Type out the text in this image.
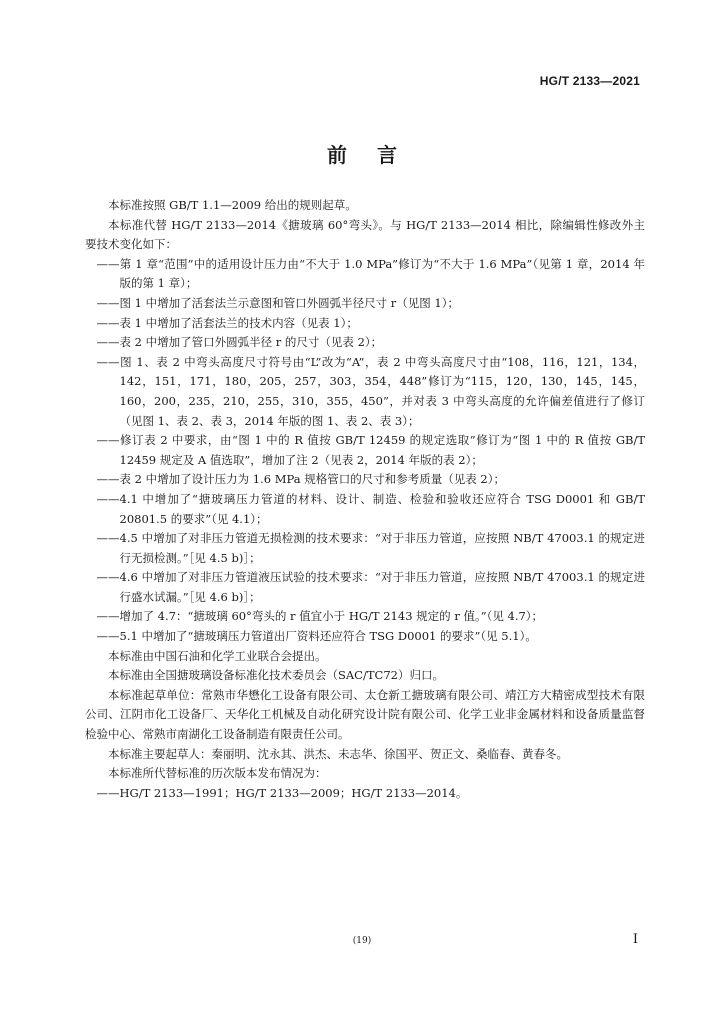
HG/T 2133—2021
前言

本标准按照 GB/T 1.1—2009 给出的规则起草。

本标准代替 HG/T 2133—2014《搪玻璃 60°弯头》。与 HG/T 2133—2014 相比，除编辑性修改外主要技术变化如下：

——第 1 章“范围”中的适用设计压力由“不大于 1.0 MPa”修订为“不大于 1.6 MPa”（见第 1 章，2014 年版的第 1 章）；

——图 1 中增加了活套法兰示意图和管口外圆弧半径尺寸 r（见图 1）；

——表 1 中增加了活套法兰的技术内容（见表 1）；

——表 2 中增加了管口外圆弧半径 r 的尺寸（见表 2）；

——图 1、表 2 中弯头高度尺寸符号由“L”改为“A”，表 2 中弯头高度尺寸由“108，116，121，134，142，151，171，180，205，257，303，354，448”修订为“115，120，130，145，145，160，200，235，210，255，310，355，450”，并对表 3 中弯头高度的允许偏差值进行了修订（见图 1、表 2、表 3，2014 年版的图 1、表 2、表 3）；

——修订表 2 中要求，由“图 1 中的 R 值按 GB/T 12459 的规定选取”修订为“图 1 中的 R 值按 GB/T 12459 规定及 A 值选取”，增加了注 2（见表 2，2014 年版的表 2）；

——表 2 中增加了设计压力为 1.6 MPa 规格管口的尺寸和参考质量（见表 2）；

——4.1 中增加了“搪玻璃压力管道的材料、设计、制造、检验和验收还应符合 TSG D0001 和 GB/T 20801.5 的要求”（见 4.1）；

——4.5 中增加了对非压力管道无损检测的技术要求：“对于非压力管道，应按照 NB/T 47003.1 的规定进行无损检测。”［见 4.5 b)］；

——4.6 中增加了对非压力管道液压试验的技术要求：“对于非压力管道，应按照 NB/T 47003.1 的规定进行盛水试漏。”［见 4.6 b)］；

——增加了 4.7：“搪玻璃 60°弯头的 r 值宜小于 HG/T 2143 规定的 r 值。”（见 4.7）；

——5.1 中增加了“搪玻璃压力管道出厂资料还应符合 TSG D0001 的要求”（见 5.1）。

本标准由中国石油和化学工业联合会提出。

本标准由全国搪玻璃设备标准化技术委员会（SAC/TC72）归口。

本标准起草单位：常熟市华懋化工设备有限公司、太仓新工搪玻璃有限公司、靖江方大精密成型技术有限公司、江阴市化工设备厂、天华化工机械及自动化研究设计院有限公司、化学工业非金属材料和设备质量监督检验中心、常熟市南湖化工设备制造有限责任公司。

本标准主要起草人：秦丽明、沈永其、洪杰、未志华、徐国平、贺正文、桑临春、黄春冬。

本标准所代替标准的历次版本发布情况为：

——HG/T 2133—1991；HG/T 2133—2009；HG/T 2133—2014。

(19)	I
